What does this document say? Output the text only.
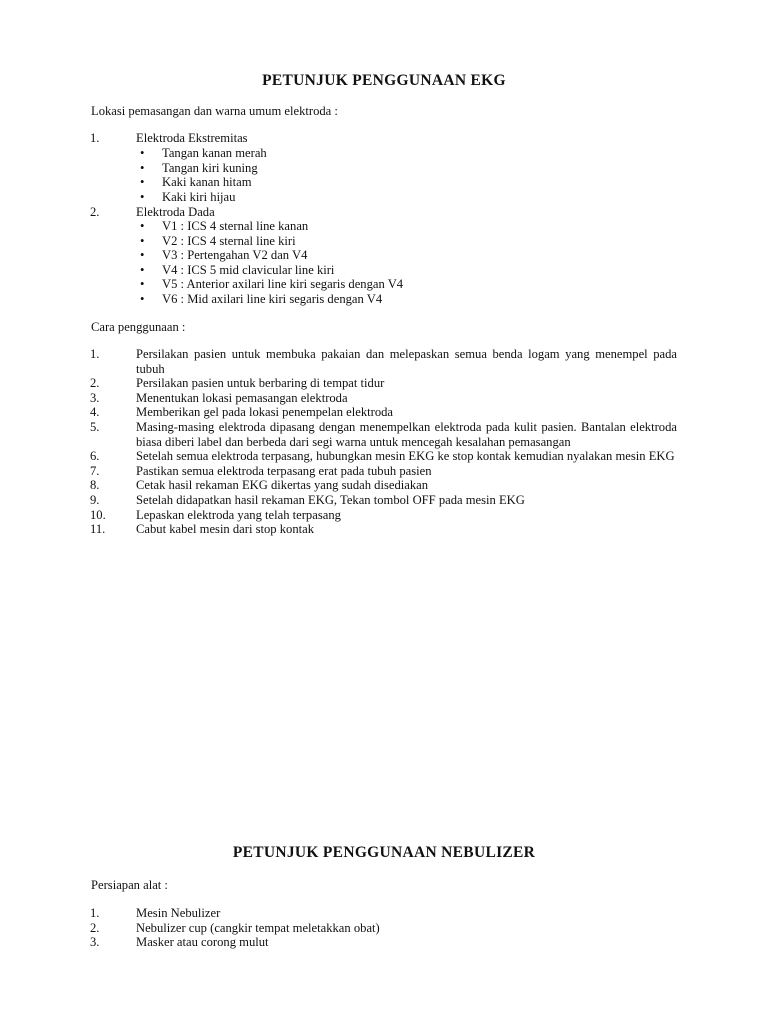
PETUNJUK PENGGUNAAN EKG

Lokasi pemasangan dan warna umum elektroda :

1.	Elektroda Ekstremitas
• Tangan kanan merah
• Tangan kiri kuning
• Kaki kanan hitam
• Kaki kiri hijau
2.	Elektroda Dada
• V1 : ICS 4 sternal line kanan
• V2 : ICS 4 sternal line kiri
• V3 : Pertengahan V2 dan V4
• V4 : ICS 5 mid clavicular line kiri
• V5 : Anterior axilari line kiri segaris dengan V4
• V6 : Mid axilari line kiri segaris dengan V4

Cara penggunaan :

1.	Persilakan pasien untuk membuka pakaian dan melepaskan semua benda logam yang menempel pada tubuh
2.	Persilakan pasien untuk berbaring di tempat tidur
3.	Menentukan lokasi pemasangan elektroda
4.	Memberikan gel pada lokasi penempelan elektroda
5.	Masing-masing elektroda dipasang dengan menempelkan elektroda pada kulit pasien. Bantalan elektroda biasa diberi label dan berbeda dari segi warna untuk mencegah kesalahan pemasangan
6.	Setelah semua elektroda terpasang, hubungkan mesin EKG ke stop kontak kemudian nyalakan mesin EKG
7.	Pastikan semua elektroda terpasang erat pada tubuh pasien
8.	Cetak hasil rekaman EKG dikertas yang sudah disediakan
9.	Setelah didapatkan hasil rekaman EKG, Tekan tombol OFF pada mesin EKG
10.	Lepaskan elektroda yang telah terpasang
11.	Cabut kabel mesin dari stop kontak
PETUNJUK PENGGUNAAN NEBULIZER

Persiapan alat :

1.	Mesin Nebulizer
2.	Nebulizer cup (cangkir tempat meletakkan obat)
3.	Masker atau corong mulut
